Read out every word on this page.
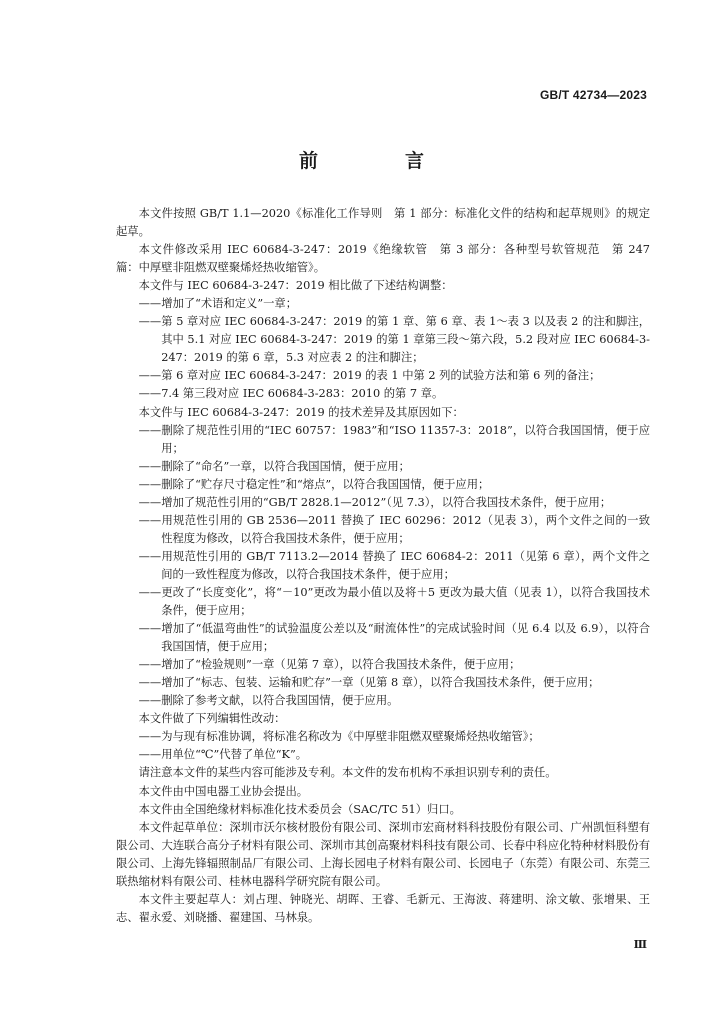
GB/T 42734—2023
前　言

本文件按照 GB/T 1.1—2020《标准化工作导则　第 1 部分：标准化文件的结构和起草规则》的规定起草。

本文件修改采用 IEC 60684-3-247：2019《绝缘软管　第 3 部分：各种型号软管规范　第 247 篇：中厚壁非阻燃双壁聚烯烃热收缩管》。

本文件与 IEC 60684-3-247：2019 相比做了下述结构调整：

——增加了“术语和定义”一章；

——第 5 章对应 IEC 60684-3-247：2019 的第 1 章、第 6 章、表 1～表 3 以及表 2 的注和脚注，其中 5.1 对应 IEC 60684-3-247：2019 的第 1 章第三段～第六段，5.2 段对应 IEC 60684-3-247：2019 的第 6 章，5.3 对应表 2 的注和脚注；

——第 6 章对应 IEC 60684-3-247：2019 的表 1 中第 2 列的试验方法和第 6 列的备注；

——7.4 第三段对应 IEC 60684-3-283：2010 的第 7 章。

本文件与 IEC 60684-3-247：2019 的技术差异及其原因如下：

——删除了规范性引用的“IEC 60757：1983”和“ISO 11357-3：2018”，以符合我国国情，便于应用；

——删除了“命名”一章，以符合我国国情，便于应用；

——删除了“贮存尺寸稳定性”和“熔点”，以符合我国国情，便于应用；

——增加了规范性引用的“GB/T 2828.1—2012”（见 7.3），以符合我国技术条件，便于应用；

——用规范性引用的 GB 2536—2011 替换了 IEC 60296：2012（见表 3），两个文件之间的一致性程度为修改，以符合我国技术条件，便于应用；

——用规范性引用的 GB/T 7113.2—2014 替换了 IEC 60684-2：2011（见第 6 章），两个文件之间的一致性程度为修改，以符合我国技术条件，便于应用；

——更改了“长度变化”，将“－10”更改为最小值以及将＋5 更改为最大值（见表 1），以符合我国技术条件，便于应用；

——增加了“低温弯曲性”的试验温度公差以及“耐流体性”的完成试验时间（见 6.4 以及 6.9），以符合我国国情，便于应用；

——增加了“检验规则”一章（见第 7 章），以符合我国技术条件，便于应用；

——增加了“标志、包装、运输和贮存”一章（见第 8 章），以符合我国技术条件，便于应用；

——删除了参考文献，以符合我国国情，便于应用。

本文件做了下列编辑性改动：

——为与现有标准协调，将标准名称改为《中厚壁非阻燃双壁聚烯烃热收缩管》；

——用单位“℃”代替了单位“K”。

请注意本文件的某些内容可能涉及专利。本文件的发布机构不承担识别专利的责任。

本文件由中国电器工业协会提出。

本文件由全国绝缘材料标准化技术委员会（SAC/TC 51）归口。

本文件起草单位：深圳市沃尔核材股份有限公司、深圳市宏商材料科技股份有限公司、广州凯恒科塑有限公司、大连联合高分子材料有限公司、深圳市其创高聚材料科技有限公司、长春中科应化特种材料股份有限公司、上海先锋辐照制品厂有限公司、上海长园电子材料有限公司、长园电子（东莞）有限公司、东莞三联热缩材料有限公司、桂林电器科学研究院有限公司。

本文件主要起草人：刘占理、钟晓光、胡晖、王睿、毛新元、王海波、蒋建明、涂文敏、张增果、王志、翟永爱、刘晓播、翟建国、马林泉。

Ⅲ
